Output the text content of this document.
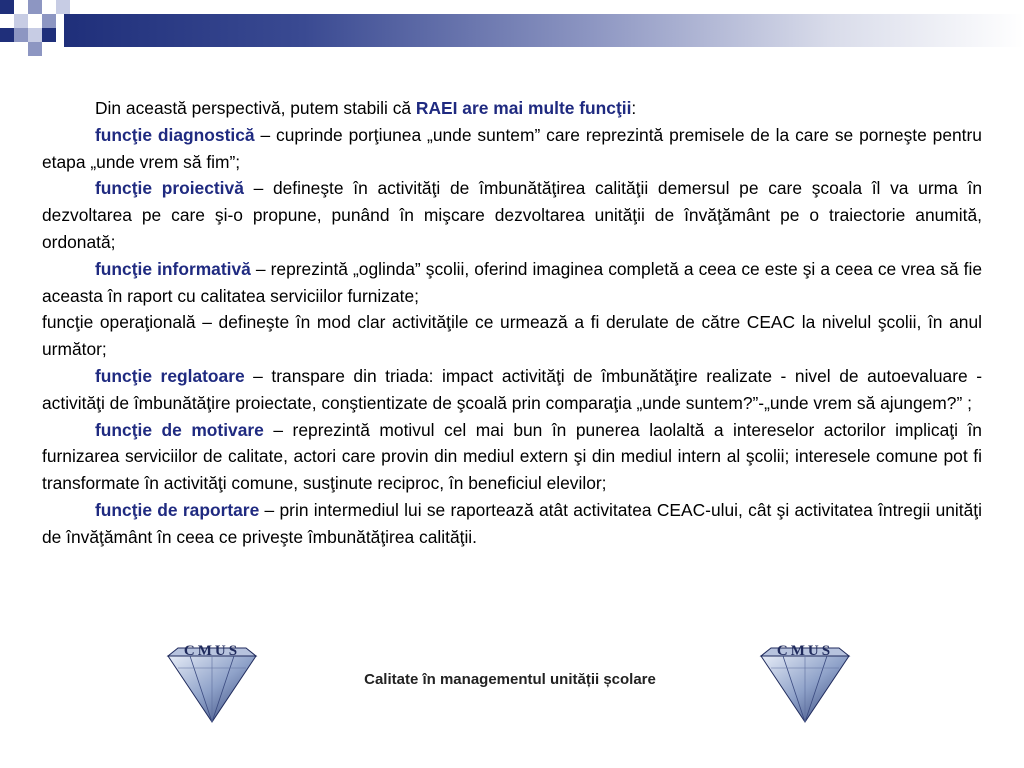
Din această perspectivă, putem stabili că RAEI are mai multe funcţii:

funcţie diagnostică – cuprinde porţiunea „unde suntem” care reprezintă premisele de la care se porneşte pentru etapa „unde vrem să fim”;

funcţie proiectivă – defineşte în activităţi de îmbunătăţirea calităţii demersul pe care şcoala îl va urma în dezvoltarea pe care şi-o propune, punând în mişcare dezvoltarea unităţii de învăţământ pe o traiectorie anumită, ordonată;

funcţie informativă – reprezintă „oglinda” şcolii, oferind imaginea completă a ceea ce este şi a ceea ce vrea să fie aceasta în raport cu calitatea serviciilor furnizate;

funcţie operaţională – defineşte în mod clar activităţile ce urmează a fi derulate de către CEAC la nivelul şcolii, în anul următor;

funcţie reglatoare – transpare din triada: impact activităţi de îmbunătăţire realizate - nivel de autoevaluare - activităţi de îmbunătăţire proiectate, conştientizate de şcoală prin comparaţia „unde suntem?”-„unde vrem să ajungem?” ;

funcţie de motivare – reprezintă motivul cel mai bun în punerea laolaltă a intereselor actorilor implicaţi în furnizarea serviciilor de calitate, actori care provin din mediul extern şi din mediul intern al şcolii; interesele comune pot fi transformate în activităţi comune, susţinute reciproc, în beneficiul elevilor;

funcţie de raportare – prin intermediul lui se raportează atât activitatea CEAC-ului, cât şi activitatea întregii unităţi de învăţământ în ceea ce priveşte îmbunătăţirea calităţii.

CMUS
Calitate în managementul unității școlare
CMUS
